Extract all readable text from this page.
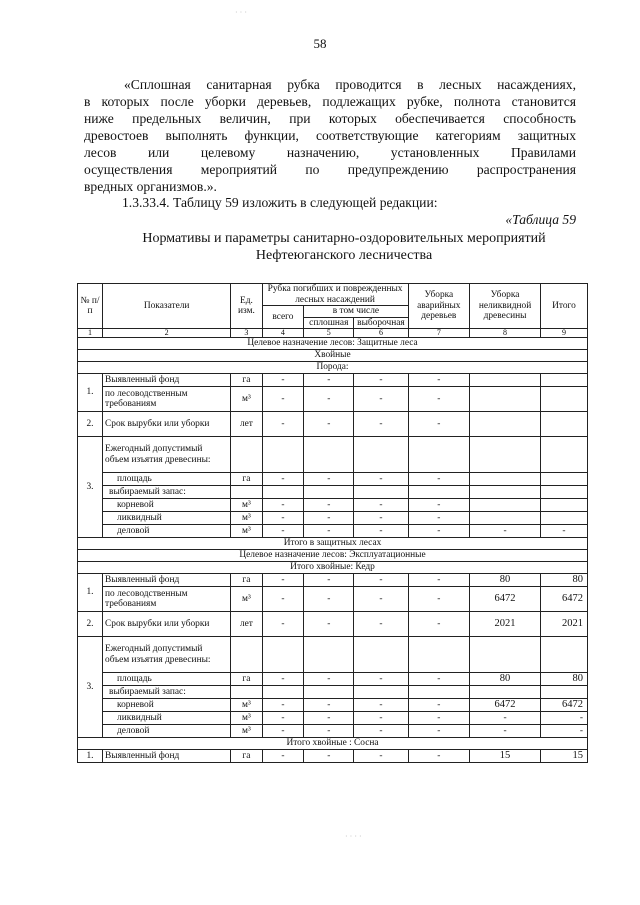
58
· · ·
«Сплошная санитарная рубка проводится в лесных насаждениях,
в которых после уборки деревьев, подлежащих рубке, полнота становится
ниже предельных величин, при которых обеспечивается способность
древостоев выполнять функции, соответствующие категориям защитных
лесов или целевому назначению, установленных Правилами
осуществления мероприятий по предупреждению распространения
вредных организмов.».
1.3.33.4. Таблицу 59 изложить в следующей редакции:
«Таблица 59
Нормативы и параметры санитарно-оздоровительных мероприятий
Нефтеюганского лесничества
№ п/п	Показатели	Ед. изм.	Рубка погибших и поврежденных лесных насаждений			Уборка аварийных деревьев	Уборка неликвидной древесины	Итого
			всего	в том числе				
				сплошная	выборочная			
1	2	3	4	5	6	7	8	9
Целевое назначение лесов: Защитные леса								
Хвойные								
Порода:								
1.	Выявленный фонд	га	-	-	-	-		
	по лесоводственным требованиям	м³	-	-	-	-		
2.	Срок вырубки или уборки	лет	-	-	-	-		
3.	Ежегодный допустимый объем изъятия древесины:							
	площадь	га	-	-	-	-		
	выбираемый запас:							
	корневой	м³	-	-	-	-		
	ликвидный	м³	-	-	-	-		
	деловой	м³	-	-	-	-	-	-
Итого в защитных лесах								
Целевое назначение лесов: Эксплуатационные								
Итого хвойные: Кедр								
1.	Выявленный фонд	га	-	-	-	-	80	80
	по лесоводственным требованиям	м³	-	-	-	-	6472	6472
2.	Срок вырубки или уборки	лет	-	-	-	-	2021	2021
3.	Ежегодный допустимый объем изъятия древесины:							
	площадь	га	-	-	-	-	80	80
	выбираемый запас:							
	корневой	м³	-	-	-	-	6472	6472
	ликвидный	м³	-	-	-	-	-	-
	деловой	м³	-	-	-	-	-	-
Итого хвойные : Сосна								
1.	Выявленный фонд	га	-	-	-	-	15	15
· · · ·
